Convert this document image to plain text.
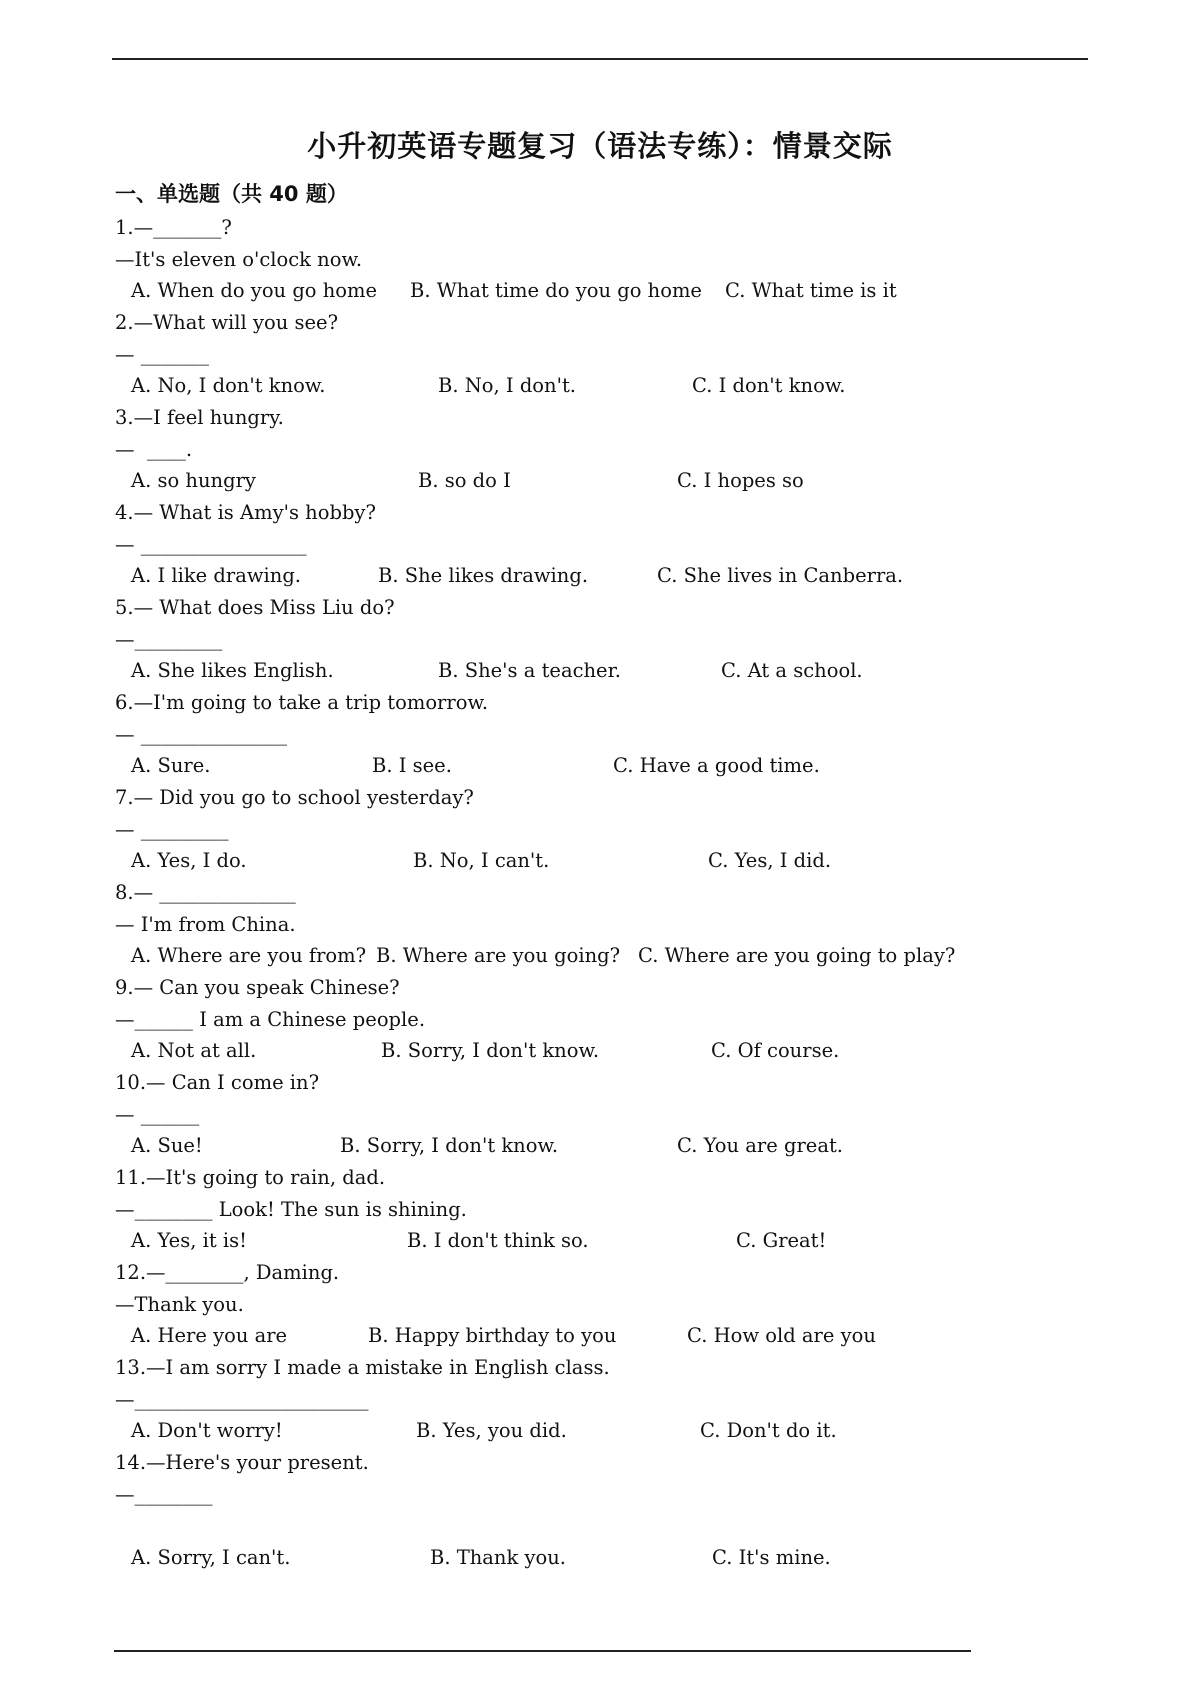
小升初英语专题复习（语法专练）：情景交际
一、单选题（共 40 题）
1.—_______?
—It's eleven o'clock now.
A. When do you go home B. What time do you go home C. What time is it
2.—What will you see?
— _______
A. No, I don't know.	B. No, I don't.	C. I don't know.
3.—I feel hungry.
—  ____.
A. so hungry	B. so do I	C. I hopes so
4.— What is Amy's hobby?
— _________________
A. I like drawing.	B. She likes drawing.	C. She lives in Canberra.
5.— What does Miss Liu do?
—_________
A. She likes English.	B. She's a teacher.	C. At a school.
6.—I'm going to take a trip tomorrow.
— _______________
A. Sure.	B. I see.	C. Have a good time.
7.— Did you go to school yesterday?
— _________
A. Yes, I do.	B. No, I can't.	C. Yes, I did.
8.— ______________
— I'm from China.
A. Where are you from? B. Where are you going? C. Where are you going to play?
9.— Can you speak Chinese?
—______ I am a Chinese people.
A. Not at all.	B. Sorry, I don't know.	C. Of course.
10.— Can I come in?
— ______
A. Sue!	B. Sorry, I don't know.	C. You are great.
11.—It's going to rain, dad.
—________ Look! The sun is shining.
A. Yes, it is!	B. I don't think so.	C. Great!
12.—________, Daming.
—Thank you.
A. Here you are	B. Happy birthday to you	C. How old are you
13.—I am sorry I made a mistake in English class.
—________________________
A. Don't worry!	B. Yes, you did.	C. Don't do it.
14.—Here's your present.
—________
A. Sorry, I can't.	B. Thank you.	C. It's mine.
